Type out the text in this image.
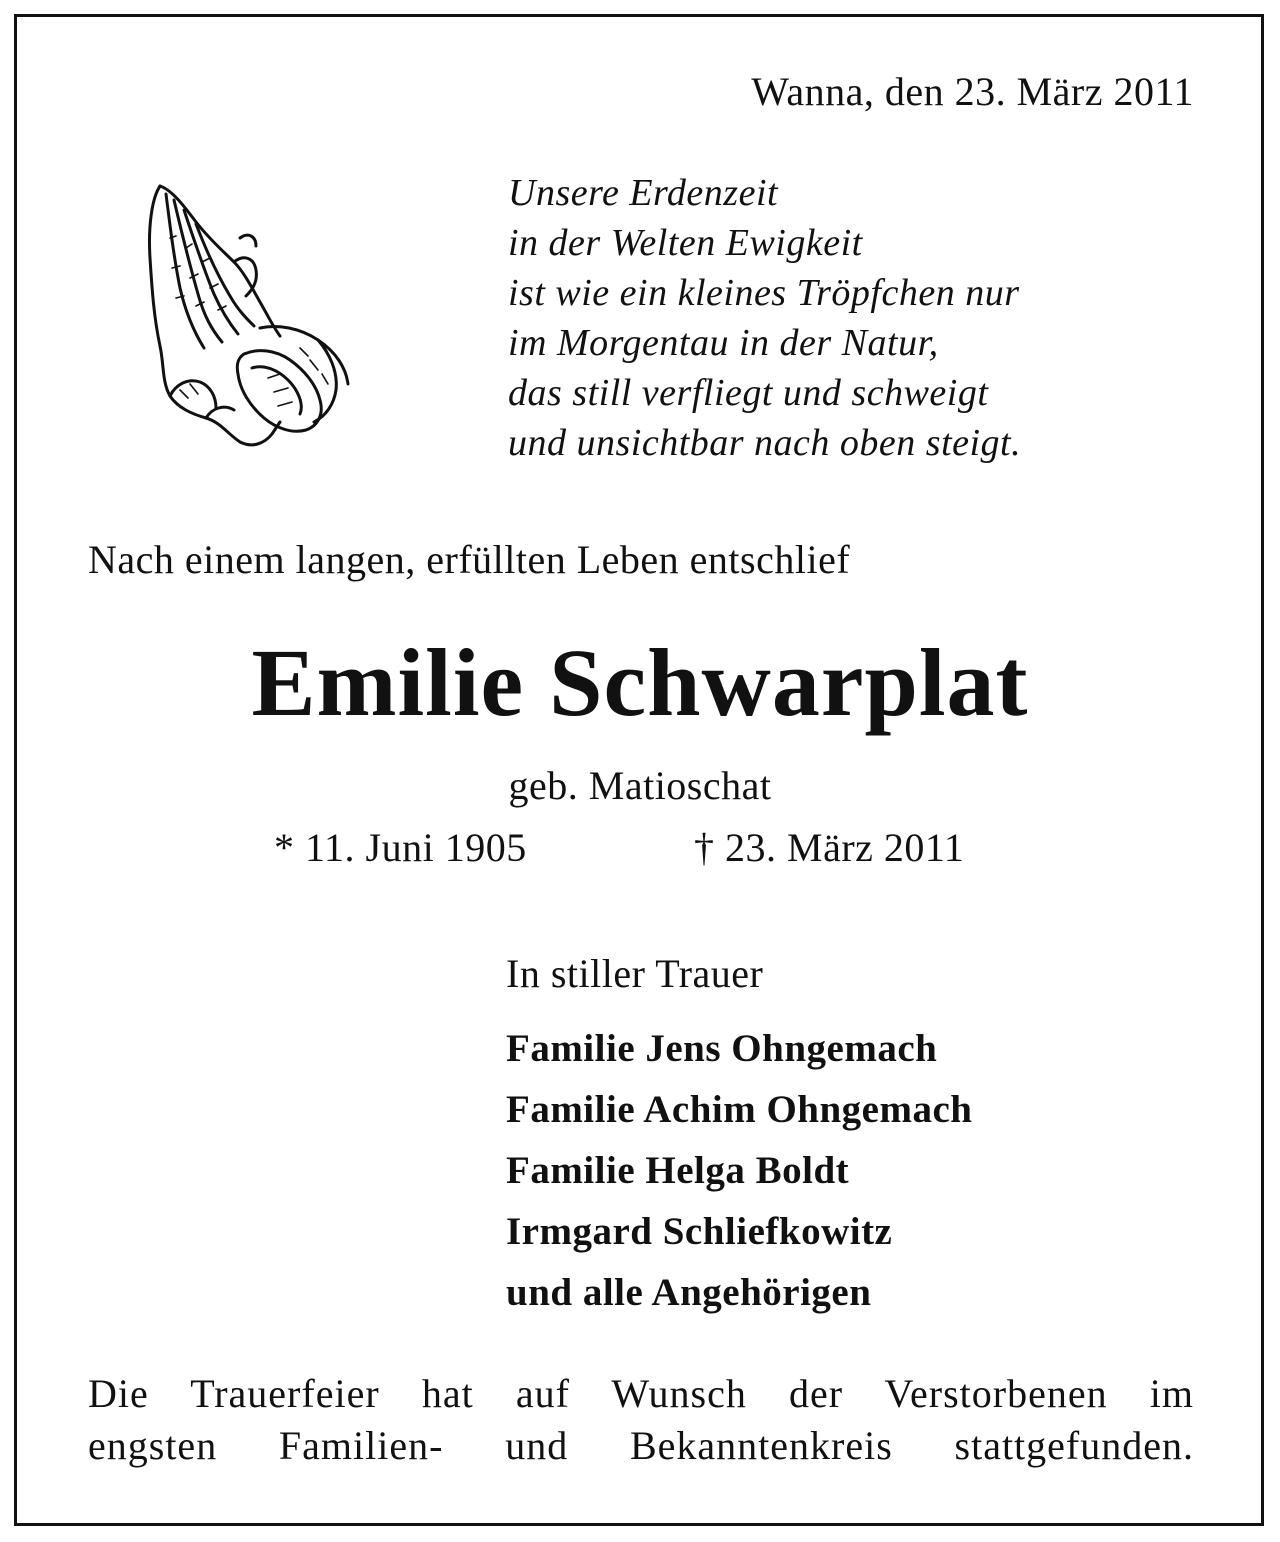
Wanna, den 23. März 2011
Unsere Erdenzeit
in der Welten Ewigkeit
ist wie ein kleines Tröpfchen nur
im Morgentau in der Natur,
das still verfliegt und schweigt
und unsichtbar nach oben steigt.
Nach einem langen, erfüllten Leben entschlief
Emilie Schwarplat
geb. Matioschat
* 11. Juni 1905	† 23. März 2011
In stiller Trauer
Familie Jens Ohngemach
Familie Achim Ohngemach
Familie Helga Boldt
Irmgard Schliefkowitz
und alle Angehörigen
Die Trauerfeier hat auf Wunsch der Verstorbenen im
engsten Familien- und Bekanntenkreis stattgefunden.
